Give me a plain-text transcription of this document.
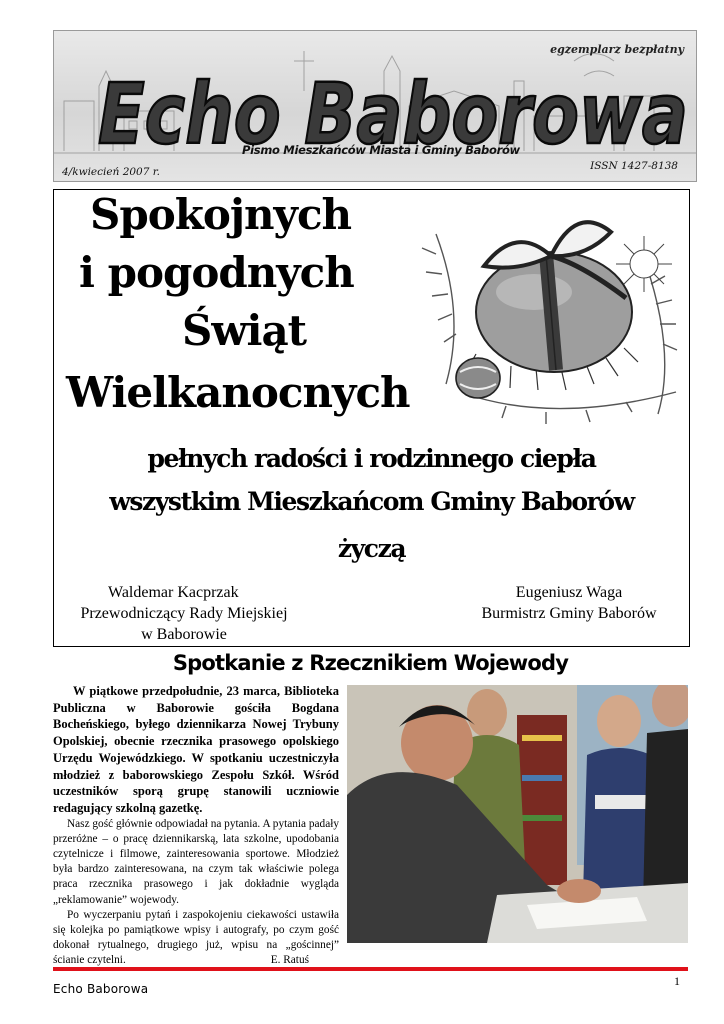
egzemplarz bezpłatny
Echo Baborowa
Pismo Mieszkańców Miasta i Gminy Baborów
4/kwiecień 2007 r.	ISSN 1427-8138
Spokojnych
i pogodnych
Świąt
Wielkanocnych
pełnych radości i rodzinnego ciepła
wszystkim Mieszkańcom Gminy Baborów
życzą
Waldemar Kacprzak
Przewodniczący Rady Miejskiej
w Baborowie
Eugeniusz Waga
Burmistrz Gminy Baborów
Spotkanie z Rzecznikiem Wojewody

W piątkowe przedpołudnie, 23 marca, Biblioteka Publiczna w Baborowie gościła Bogdana Bocheńskiego, byłego dziennikarza Nowej Trybuny Opolskiej, obecnie rzecznika prasowego opolskiego Urzędu Wojewódzkiego. W spotkaniu uczestniczyła młodzież z baborowskiego Zespołu Szkół. Wśród uczestników sporą grupę stanowili uczniowie redagujący szkolną gazetkę.

Nasz gość głównie odpowiadał na pytania. A pytania padały przeróżne – o pracę dziennikarską, lata szkolne, upodobania czytelnicze i filmowe, zainteresowania sportowe. Młodzież była bardzo zainteresowana, na czym tak właściwie polega praca rzecznika prasowego i jak dokładnie wygląda „reklamowanie” wojewody.

Po wyczerpaniu pytań i zaspokojeniu ciekawości ustawiła się kolejka po pamiątkowe wpisy i autografy, po czym gość dokonał rytualnego, drugiego już, wpisu na „gościnnej” ścianie czytelni.	E. Ratuś

1
Echo Baborowa
